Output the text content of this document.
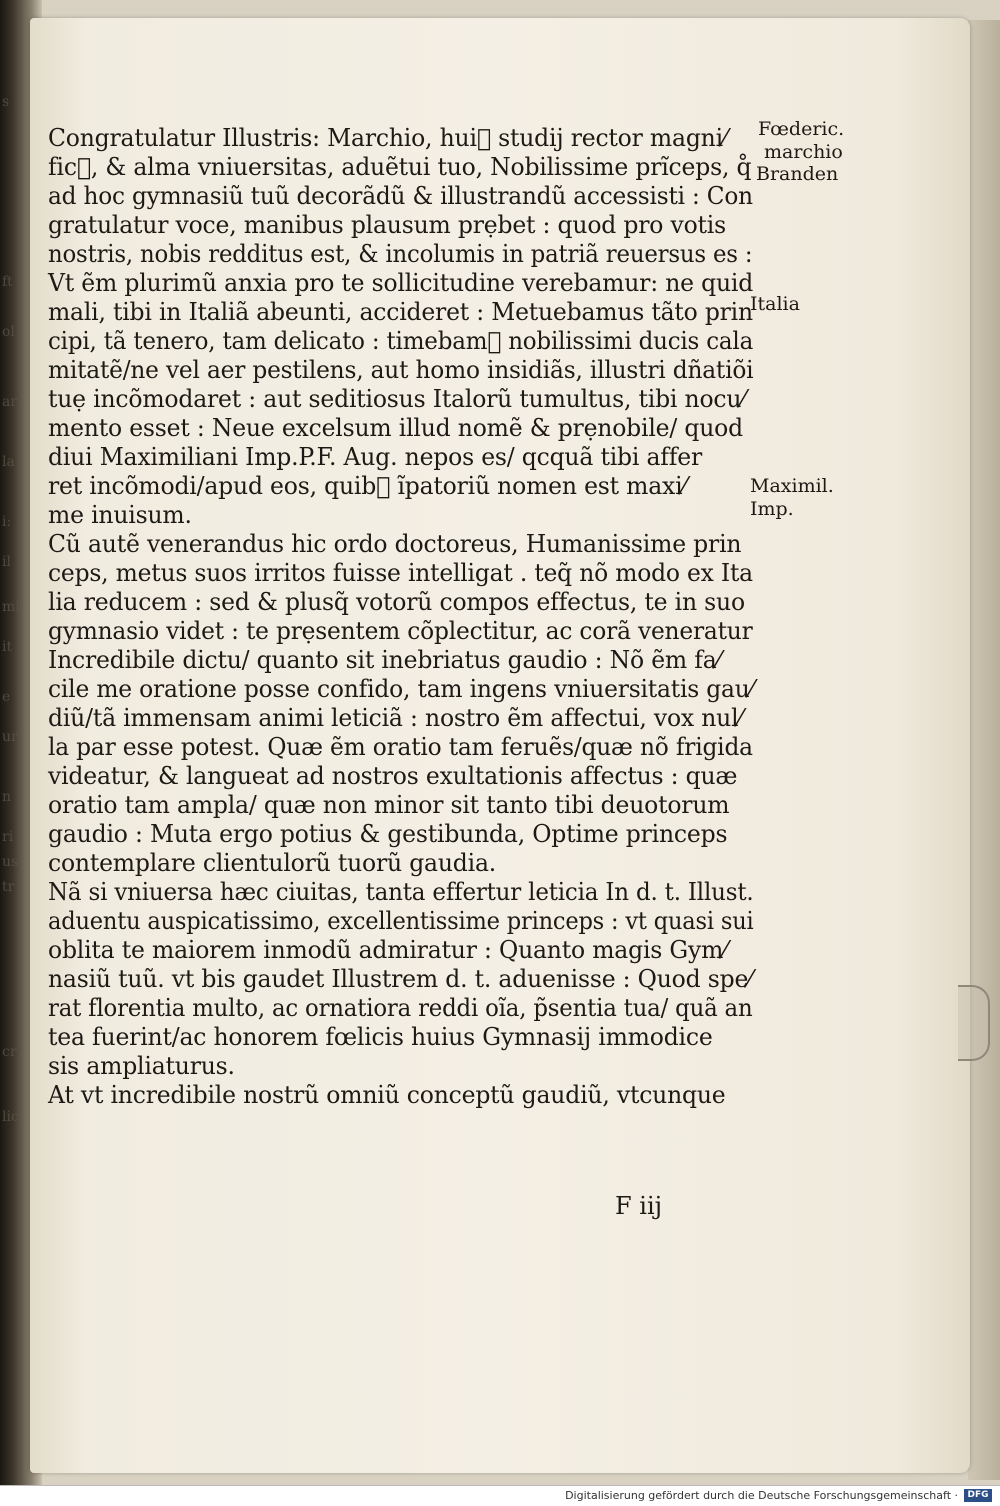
s
ft
ol
ar
la
i:
il
mi
it
e
ur
n
ri
us
tr
cr
lic
Congratulatur Illustris: Marchio, hui᷒ studij rector magni⁄
fic᷒, & alma vniuersitas, aduẽtui tuo, Nobilissime prĩceps, q̊
ad hoc gymnasiũ tuũ decorãdũ & illustrandũ accessisti : Con
gratulatur voce, manibus plausum prẹbet : quod pro votis
nostris, nobis redditus est, & incolumis in patriã reuersus es :
Vt ẽm plurimũ anxia pro te sollicitudine verebamur: ne quid
mali, tibi in Italiã abeunti, accideret : Metuebamus tãto prin
cipi, tã tenero, tam delicato : timebam᷒ nobilissimi ducis cala
mitatẽ/ne vel aer pestilens, aut homo insidiãs, illustri dñatiõi
tuẹ incõmodaret : aut seditiosus Italorũ tumultus, tibi nocu⁄
mento esset : Neue excelsum illud nomẽ & prẹnobile/ quod
diui Maximiliani Imp.P.F. Aug. nepos es/ qcquã tibi affer
ret incõmodi/apud eos, quib᷒ ĩpatoriũ nomen est maxi⁄
me inuisum.
Cũ autẽ venerandus hic ordo doctoreus, Humanissime prin
ceps, metus suos irritos fuisse intelligat . teq̃ nõ modo ex Ita
lia reducem : sed & plusq̃ votorũ compos effectus, te in suo
gymnasio videt : te prẹsentem cõplectitur, ac corã veneratur
Incredibile dictu/ quanto sit inebriatus gaudio : Nõ ẽm fa⁄
cile me oratione posse confido, tam ingens vniuersitatis gau⁄
diũ/tã immensam animi leticiã : nostro ẽm affectui, vox nul⁄
la par esse potest. Quæ ẽm oratio tam feruẽs/quæ nõ frigida
videatur, & langueat ad nostros exultationis affectus : quæ
oratio tam ampla/ quæ non minor sit tanto tibi deuotorum
gaudio : Muta ergo potius & gestibunda, Optime princeps
contemplare clientulorũ tuorũ gaudia.
Nã si vniuersa hæc ciuitas, tanta effertur leticia In d. t. Illust.
aduentu auspicatissimo, excellentissime princeps : vt quasi sui
oblita te maiorem inmodũ admiratur : Quanto magis Gym⁄
nasiũ tuũ. vt bis gaudet Illustrem d. t. aduenisse : Quod spe⁄
rat florentia multo, ac ornatiora reddi oĩa, p̃sentia tua/ quã an
tea fuerint/ac honorem fœlicis huius Gymnasij immodice
sis ampliaturus.
At vt incredibile nostrũ omniũ conceptũ gaudiũ, vtcunque
Fœderic.
marchio
Branden
Italia
Maximil.
Imp.
F iij
Digitalisierung gefördert durch die Deutsche Forschungsgemeinschaft ·	DFG
